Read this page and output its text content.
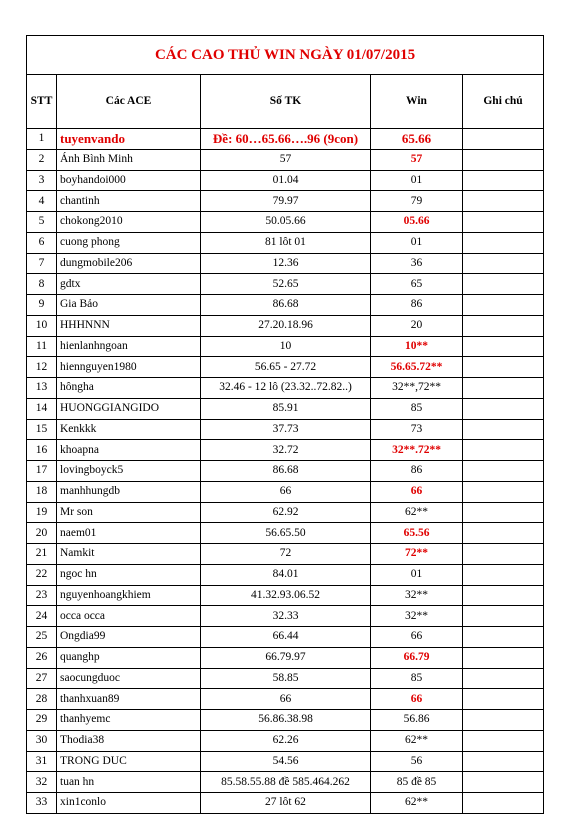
CÁC CAO THỦ WIN NGÀY 01/07/2015				
STT	Các ACE	Số TK	Win	Ghi chú
1	tuyenvando	Đề: 60…65.66….96 (9con)	65.66	
2	Ánh Bình Minh	57	57	
3	boyhandoi000	01.04	01	
4	chantinh	79.97	79	
5	chokong2010	50.05.66	05.66	
6	cuong phong	81 lôt 01	01	
7	dungmobile206	12.36	36	
8	gdtx	52.65	65	
9	Gia Bảo	86.68	86	
10	HHHNNN	27.20.18.96	20	
11	hienlanhngoan	10	10**	
12	hiennguyen1980	56.65 - 27.72	56.65.72**	
13	hôngha	32.46 - 12 lô (23.32..72.82..)	32**,72**	
14	HUONGGIANGIDO	85.91	85	
15	Kenkkk	37.73	73	
16	khoapna	32.72	32**.72**	
17	lovingboyck5	86.68	86	
18	manhhungdb	66	66	
19	Mr son	62.92	62**	
20	naem01	56.65.50	65.56	
21	Namkit	72	72**	
22	ngoc hn	84.01	01	
23	nguyenhoangkhiem	41.32.93.06.52	32**	
24	occa occa	32.33	32**	
25	Ongdia99	66.44	66	
26	quanghp	66.79.97	66.79	
27	saocungduoc	58.85	85	
28	thanhxuan89	66	66	
29	thanhyemc	56.86.38.98	56.86	
30	Thodia38	62.26	62**	
31	TRONG DUC	54.56	56	
32	tuan hn	85.58.55.88 đề 585.464.262	85 đề 85	
33	xin1conlo	27 lôt 62	62**	
